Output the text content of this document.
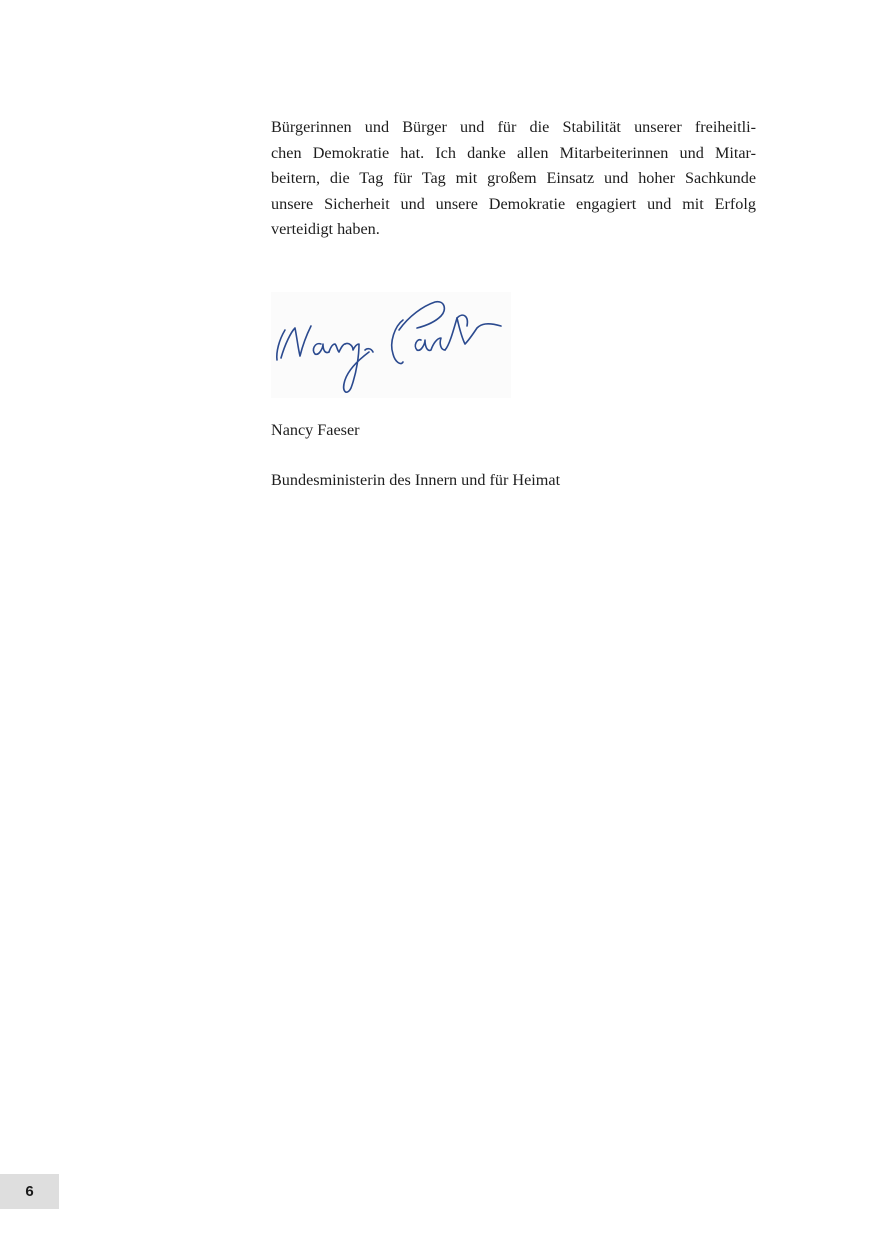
Bürgerinnen und Bürger und für die Stabilität unserer freiheitli-
chen Demokratie hat. Ich danke allen Mitarbeiterinnen und Mitar-
beitern, die Tag für Tag mit großem Einsatz und hoher Sachkunde
unsere Sicherheit und unsere Demokratie engagiert und mit Erfolg
verteidigt haben.

Nancy Faeser

Bundesministerin des Innern und für Heimat

6
